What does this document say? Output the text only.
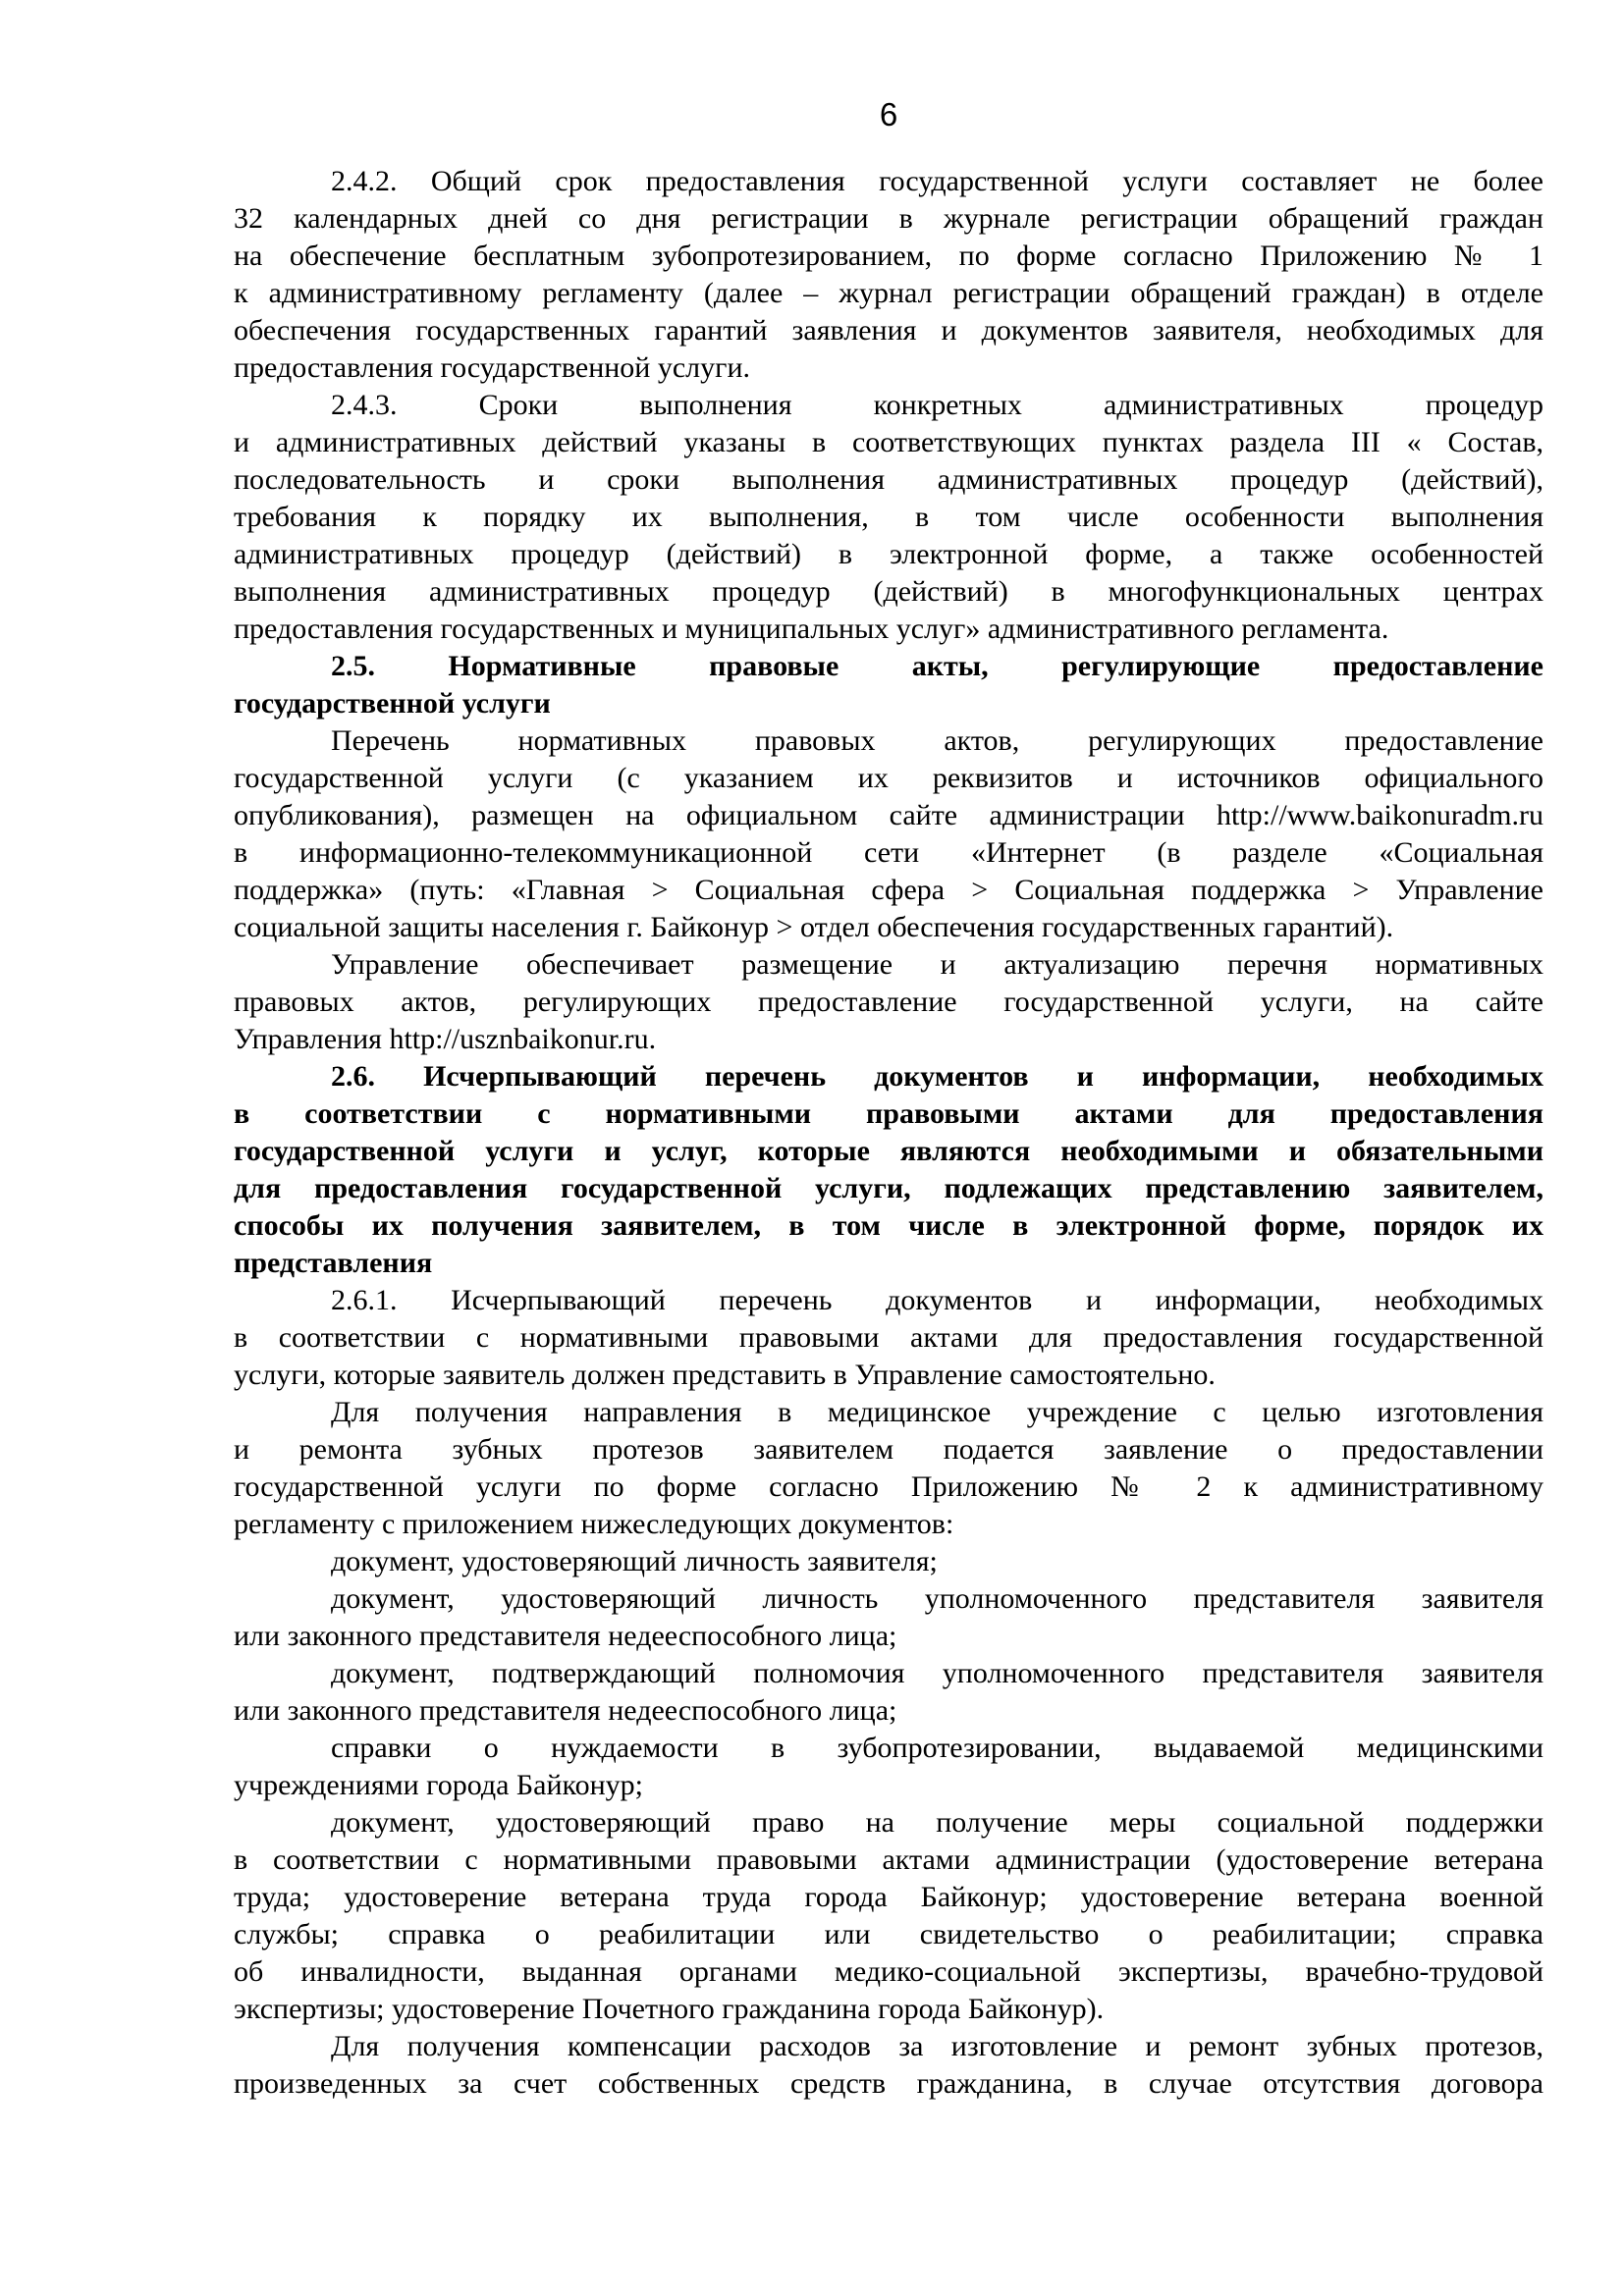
6
2.4.2. Общий срок предоставления государственной услуги составляет не более
32 календарных дней со дня регистрации в журнале регистрации обращений граждан
на обеспечение бесплатным зубопротезированием, по форме согласно Приложению № 1
к административному регламенту (далее – журнал регистрации обращений граждан) в отделе
обеспечения государственных гарантий заявления и документов заявителя, необходимых для
предоставления государственной услуги.
2.4.3. Сроки выполнения конкретных административных процедур
и административных действий указаны в соответствующих пунктах раздела III « Состав,
последовательность и сроки выполнения административных процедур (действий),
требования к порядку их выполнения, в том числе особенности выполнения
административных процедур (действий) в электронной форме, а также особенностей
выполнения административных процедур (действий) в многофункциональных центрах
предоставления государственных и муниципальных услуг» административного регламента.
2.5. Нормативные правовые акты, регулирующие предоставление
государственной услуги
Перечень нормативных правовых актов, регулирующих предоставление
государственной услуги (с указанием их реквизитов и источников официального
опубликования), размещен на официальном сайте администрации http://www.baikonuradm.ru
в информационно-телекоммуникационной сети «Интернет (в разделе «Социальная
поддержка» (путь: «Главная > Социальная сфера > Социальная поддержка > Управление
социальной защиты населения г. Байконур > отдел обеспечения государственных гарантий).
Управление обеспечивает размещение и актуализацию перечня нормативных
правовых актов, регулирующих предоставление государственной услуги, на сайте
Управления http://usznbaikonur.ru.
2.6. Исчерпывающий перечень документов и информации, необходимых
в соответствии с нормативными правовыми актами для предоставления
государственной услуги и услуг, которые являются необходимыми и обязательными
для предоставления государственной услуги, подлежащих представлению заявителем,
способы их получения заявителем, в том числе в электронной форме, порядок их
представления
2.6.1. Исчерпывающий перечень документов и информации, необходимых
в соответствии с нормативными правовыми актами для предоставления государственной
услуги, которые заявитель должен представить в Управление самостоятельно.
Для получения направления в медицинское учреждение с целью изготовления
и ремонта зубных протезов заявителем подается заявление о предоставлении
государственной услуги по форме согласно Приложению № 2 к административному
регламенту с приложением нижеследующих документов:
документ, удостоверяющий личность заявителя;
документ, удостоверяющий личность уполномоченного представителя заявителя
или законного представителя недееспособного лица;
документ, подтверждающий полномочия уполномоченного представителя заявителя
или законного представителя недееспособного лица;
справки о нуждаемости в зубопротезировании, выдаваемой медицинскими
учреждениями города Байконур;
документ, удостоверяющий право на получение меры социальной поддержки
в соответствии с нормативными правовыми актами администрации (удостоверение ветерана
труда; удостоверение ветерана труда города Байконур; удостоверение ветерана военной
службы; справка о реабилитации или свидетельство о реабилитации; справка
об инвалидности, выданная органами медико-социальной экспертизы, врачебно-трудовой
экспертизы; удостоверение Почетного гражданина города Байконур).
Для получения компенсации расходов за изготовление и ремонт зубных протезов,
произведенных за счет собственных средств гражданина, в случае отсутствия договора
